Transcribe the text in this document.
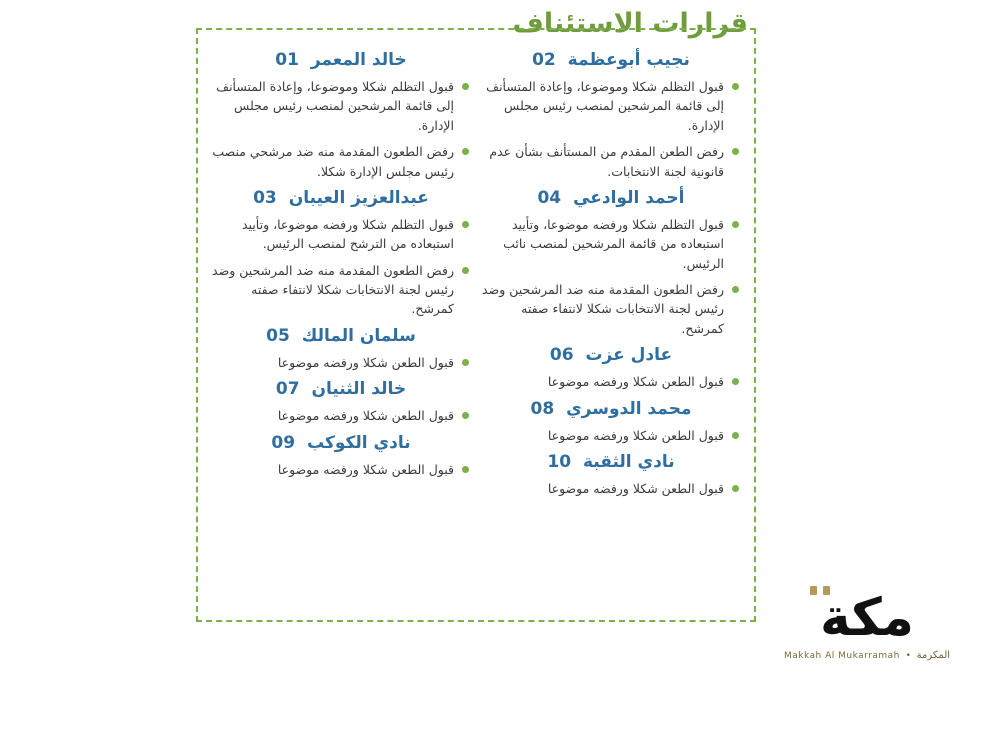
قرارات الاستئناف
خالد المعمر 01
قبول التظلم شكلا وموضوعا، وإعادة المتسأنف إلى قائمة المرشحين لمنصب رئيس مجلس الإدارة.
رفض الطعون المقدمة منه ضد مرشحي منصب رئيس مجلس الإدارة شكلا.
عبدالعزيز العيبان 03
قبول التظلم شكلا ورفضه موضوعا، وتأييد استبعاده من الترشح لمنصب الرئيس.
رفض الطعون المقدمة منه ضد المرشحين وضد رئيس لجنة الانتخابات شكلا لانتفاء صفته كمرشح.
سلمان المالك 05
قبول الطعن شكلا ورفضه موضوعا
خالد الثنيان 07
قبول الطعن شكلا ورفضه موضوعا
نادي الكوكب 09
قبول الطعن شكلا ورفضه موضوعا
نجيب أبوعظمة 02
قبول التظلم شكلا وموضوعا، وإعادة المتسأنف إلى قائمة المرشحين لمنصب رئيس مجلس الإدارة.
رفض الطعن المقدم من المستأنف بشأن عدم قانونية لجنة الانتخابات.
أحمد الوادعي 04
قبول التظلم شكلا ورفضه موضوعا، وتأييد استبعاده من قائمة المرشحين لمنصب نائب الرئيس.
رفض الطعون المقدمة منه ضد المرشحين وضد رئيس لجنة الانتخابات شكلا لانتفاء صفته كمرشح.
عادل عزت 06
قبول الطعن شكلا ورفضه موضوعا
محمد الدوسري 08
قبول الطعن شكلا ورفضه موضوعا
نادي الثقبة 10
قبول الطعن شكلا ورفضه موضوعا
مكة
المكرمة  •  Makkah Al Mukarramah
